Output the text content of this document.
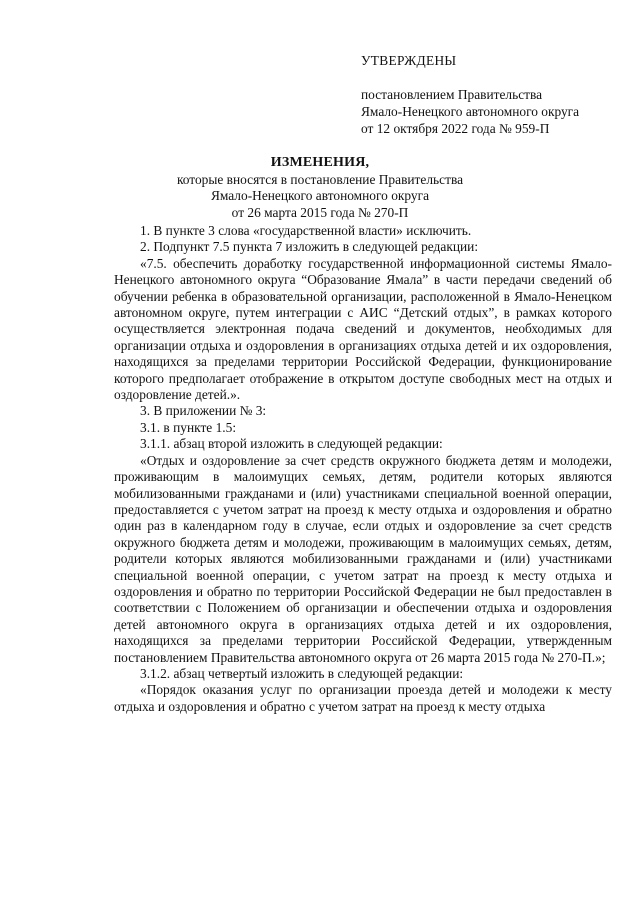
УТВЕРЖДЕНЫ
постановлением Правительства
Ямало-Ненецкого автономного округа
от 12 октября 2022 года № 959-П
ИЗМЕНЕНИЯ,
которые вносятся в постановление Правительства
Ямало-Ненецкого автономного округа
от 26 марта 2015 года № 270-П

1. В пункте 3 слова «государственной власти» исключить.

2. Подпункт 7.5 пункта 7 изложить в следующей редакции:

«7.5. обеспечить доработку государственной информационной системы Ямало-Ненецкого автономного округа “Образование Ямала” в части передачи сведений об обучении ребенка в образовательной организации, расположенной в Ямало-Ненецком автономном округе, путем интеграции с АИС “Детский отдых”, в рамках которого осуществляется электронная подача сведений и документов, необходимых для организации отдыха и оздоровления в организациях отдыха детей и их оздоровления, находящихся за пределами территории Российской Федерации, функционирование которого предполагает отображение в открытом доступе свободных мест на отдых и оздоровление детей.».

3. В приложении № 3:

3.1. в пункте 1.5:

3.1.1. абзац второй изложить в следующей редакции:

«Отдых и оздоровление за счет средств окружного бюджета детям и молодежи, проживающим в малоимущих семьях, детям, родители которых являются мобилизованными гражданами и (или) участниками специальной военной операции, предоставляется с учетом затрат на проезд к месту отдыха и оздоровления и обратно один раз в календарном году в случае, если отдых и оздоровление за счет средств окружного бюджета детям и молодежи, проживающим в малоимущих семьях, детям, родители которых являются мобилизованными гражданами и (или) участниками специальной военной операции, с учетом затрат на проезд к месту отдыха и оздоровления и обратно по территории Российской Федерации не был предоставлен в соответствии с Положением об организации и обеспечении отдыха и оздоровления детей автономного округа в организациях отдыха детей и их оздоровления, находящихся за пределами территории Российской Федерации, утвержденным постановлением Правительства автономного округа от 26 марта 2015 года № 270-П.»;

3.1.2. абзац четвертый изложить в следующей редакции:

«Порядок оказания услуг по организации проезда детей и молодежи к месту отдыха и оздоровления и обратно с учетом затрат на проезд к месту отдыха
